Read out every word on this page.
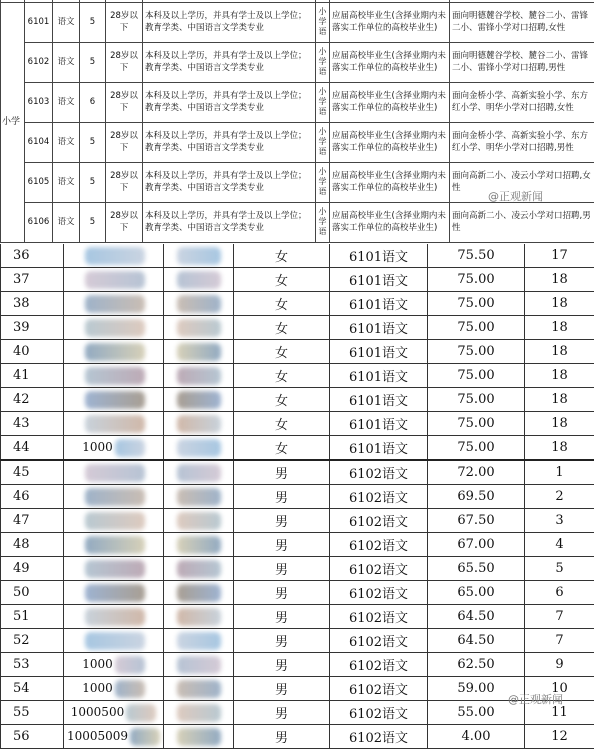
小学	6101	语文	5	28岁以下	本科及以上学历，并具有学士及以上学位；教育学类、中国语言文学类专业	小学语	应届高校毕业生(含择业期内未落实工作单位的高校毕业生)	面向明德麓谷学校、麓谷二小、雷锋二小、雷锋小学对口招聘,女性
	6102	语文	5	28岁以下	本科及以上学历，并具有学士及以上学位；教育学类、中国语言文学类专业	小学语	应届高校毕业生(含择业期内未落实工作单位的高校毕业生)	面向明德麓谷学校、麓谷二小、雷锋二小、雷锋小学对口招聘,男性
	6103	语文	6	28岁以下	本科及以上学历，并具有学士及以上学位；教育学类、中国语言文学类专业	小学语	应届高校毕业生(含择业期内未落实工作单位的高校毕业生)	面向金桥小学、高新实验小学、东方红小学、明华小学对口招聘,女性
	6104	语文	5	28岁以下	本科及以上学历，并具有学士及以上学位；教育学类、中国语言文学类专业	小学语	应届高校毕业生(含择业期内未落实工作单位的高校毕业生)	面向金桥小学、高新实验小学、东方红小学、明华小学对口招聘,男性
	6105	语文	5	28岁以下	本科及以上学历，并具有学士及以上学位；教育学类、中国语言文学类专业	小学语	应届高校毕业生(含择业期内未落实工作单位的高校毕业生)	面向高新二小、凌云小学对口招聘,女性
	6106	语文	5	28岁以下	本科及以上学历，并具有学士及以上学位；教育学类、中国语言文学类专业	小学语	应届高校毕业生(含择业期内未落实工作单位的高校毕业生)	面向高新二小、凌云小学对口招聘,男性
36			女	6101语文	75.50	17
37			女	6101语文	75.00	18
38			女	6101语文	75.00	18
39			女	6101语文	75.00	18
40			女	6101语文	75.00	18
41			女	6101语文	75.00	18
42			女	6101语文	75.00	18
43			女	6101语文	75.00	18
44	1000		女	6101语文	75.00	18
45			男	6102语文	72.00	1
46			男	6102语文	69.50	2
47			男	6102语文	67.50	3
48			男	6102语文	67.00	4
49			男	6102语文	65.50	5
50			男	6102语文	65.00	6
51			男	6102语文	64.50	7
52			男	6102语文	64.50	7
53	1000		男	6102语文	62.50	9
54	1000		男	6102语文	59.00	10
55	1000500		男	6102语文	55.00	11
56	10005009		男	6102语文	4.00	12
@正观新闻
@正观新闻
